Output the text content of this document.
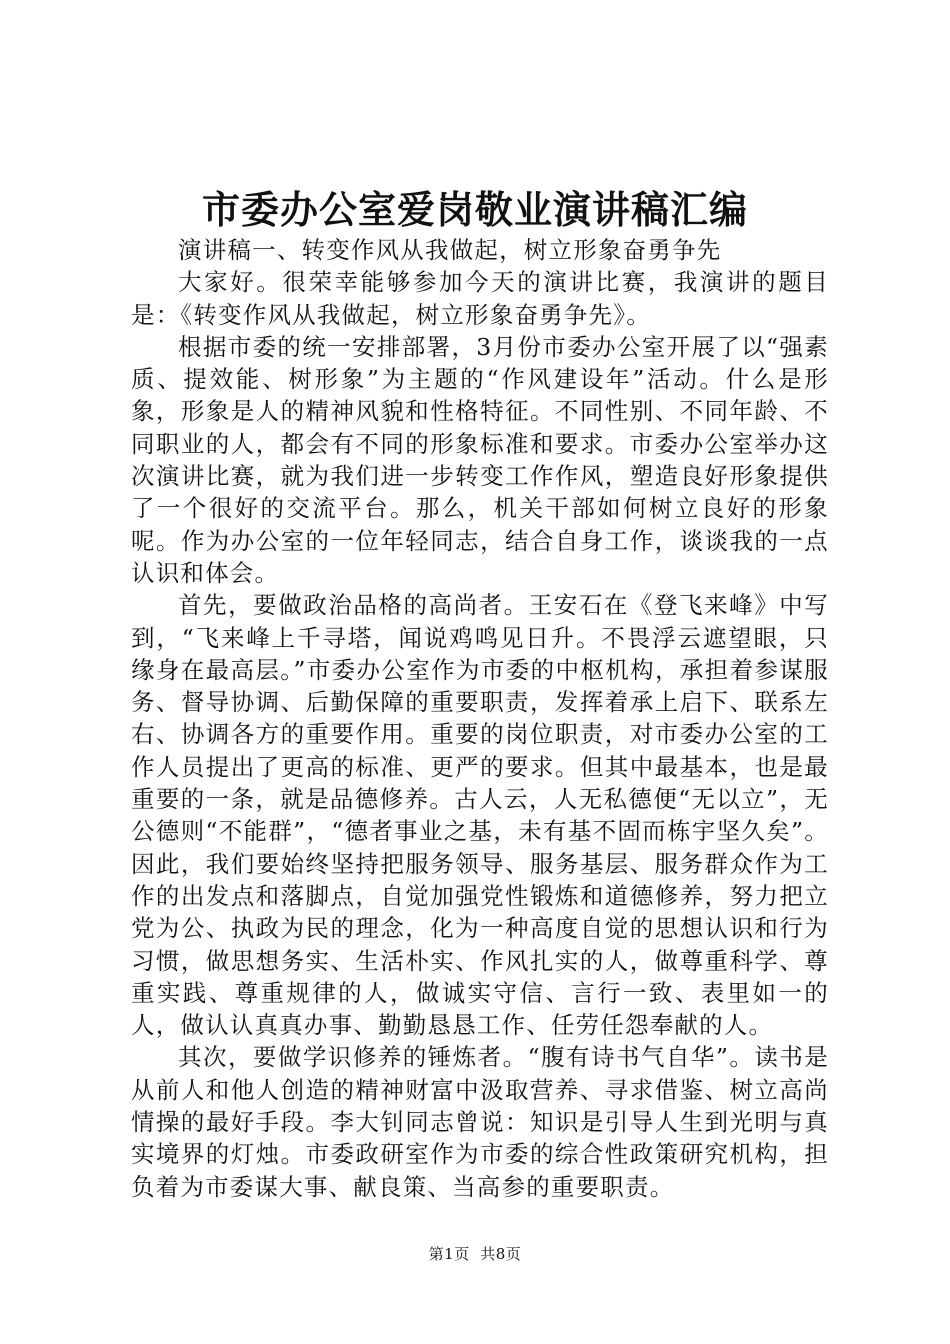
市委办公室爱岗敬业演讲稿汇编

演讲稿一、转变作风从我做起，树立形象奋勇争先

大家好。很荣幸能够参加今天的演讲比赛，我演讲的题目是：《转变作风从我做起，树立形象奋勇争先》。

根据市委的统一安排部署，3月份市委办公室开展了以“强素质、提效能、树形象”为主题的“作风建设年”活动。什么是形象，形象是人的精神风貌和性格特征。不同性别、不同年龄、不同职业的人，都会有不同的形象标准和要求。市委办公室举办这次演讲比赛，就为我们进一步转变工作作风，塑造良好形象提供了一个很好的交流平台。那么，机关干部如何树立良好的形象呢。作为办公室的一位年轻同志，结合自身工作，谈谈我的一点认识和体会。

首先，要做政治品格的高尚者。王安石在《登飞来峰》中写到，“飞来峰上千寻塔，闻说鸡鸣见日升。不畏浮云遮望眼，只缘身在最高层。”市委办公室作为市委的中枢机构，承担着参谋服务、督导协调、后勤保障的重要职责，发挥着承上启下、联系左右、协调各方的重要作用。重要的岗位职责，对市委办公室的工作人员提出了更高的标准、更严的要求。但其中最基本，也是最重要的一条，就是品德修养。古人云，人无私德便“无以立”，无公德则“不能群”，“德者事业之基，未有基不固而栋宇坚久矣”。因此，我们要始终坚持把服务领导、服务基层、服务群众作为工作的出发点和落脚点，自觉加强党性锻炼和道德修养，努力把立党为公、执政为民的理念，化为一种高度自觉的思想认识和行为习惯，做思想务实、生活朴实、作风扎实的人，做尊重科学、尊重实践、尊重规律的人，做诚实守信、言行一致、表里如一的人，做认认真真办事、勤勤恳恳工作、任劳任怨奉献的人。

其次，要做学识修养的锤炼者。“腹有诗书气自华”。读书是从前人和他人创造的精神财富中汲取营养、寻求借鉴、树立高尚情操的最好手段。李大钊同志曾说：知识是引导人生到光明与真实境界的灯烛。市委政研室作为市委的综合性政策研究机构，担负着为市委谋大事、献良策、当高参的重要职责。

第1页 共8页
